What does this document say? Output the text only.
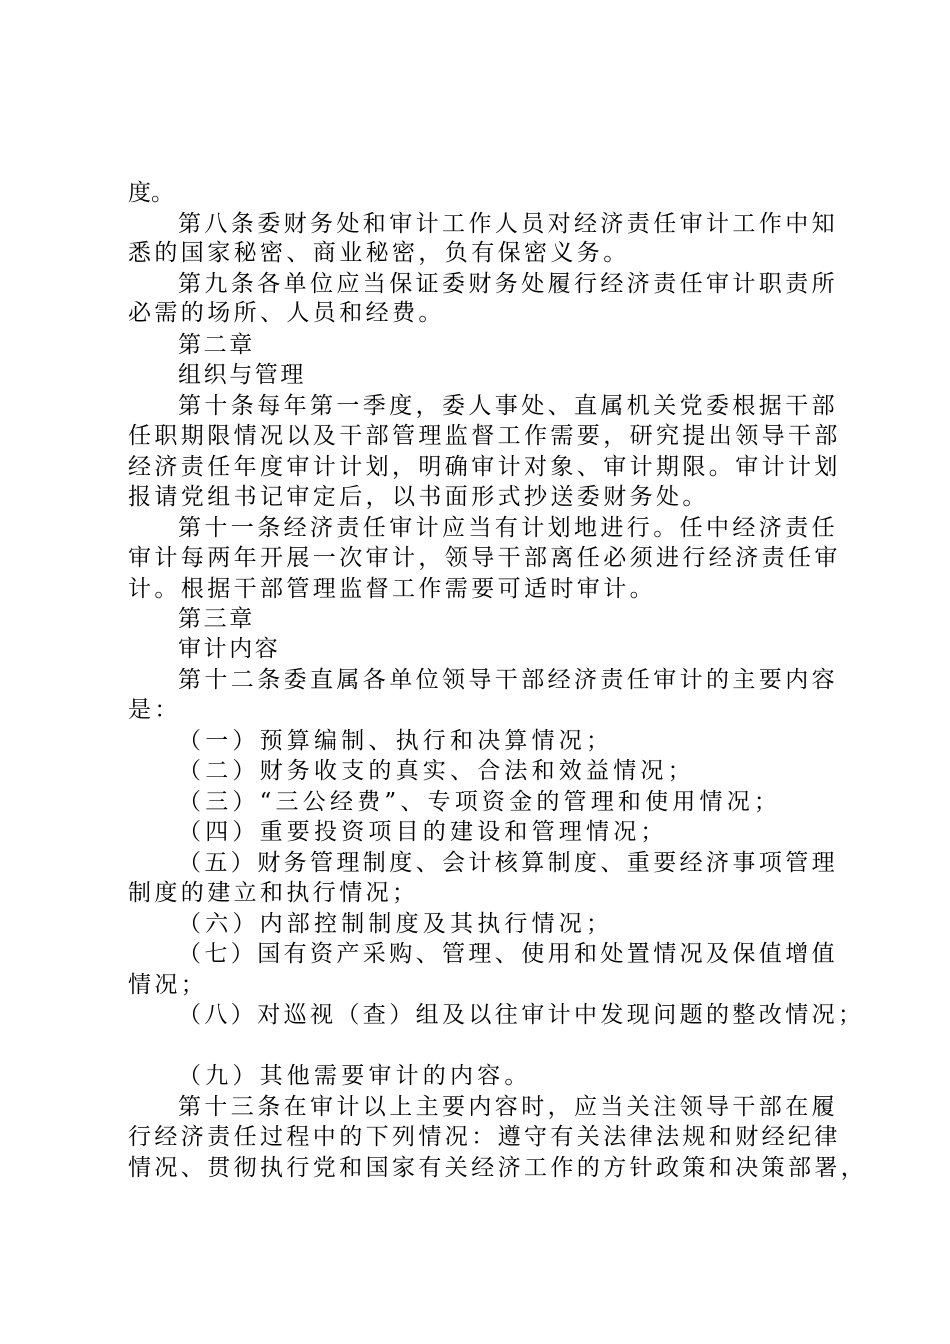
度。
第八条委财务处和审计工作人员对经济责任审计工作中知
悉的国家秘密、商业秘密，负有保密义务。
第九条各单位应当保证委财务处履行经济责任审计职责所
必需的场所、人员和经费。
第二章
组织与管理
第十条每年第一季度，委人事处、直属机关党委根据干部
任职期限情况以及干部管理监督工作需要，研究提出领导干部
经济责任年度审计计划，明确审计对象、审计期限。审计计划
报请党组书记审定后，以书面形式抄送委财务处。
第十一条经济责任审计应当有计划地进行。任中经济责任
审计每两年开展一次审计，领导干部离任必须进行经济责任审
计。根据干部管理监督工作需要可适时审计。
第三章
审计内容
第十二条委直属各单位领导干部经济责任审计的主要内容
是：
（一）预算编制、执行和决算情况；
（二）财务收支的真实、合法和效益情况；
（三）“三公经费”、专项资金的管理和使用情况；
（四）重要投资项目的建设和管理情况；
（五）财务管理制度、会计核算制度、重要经济事项管理
制度的建立和执行情况；
（六）内部控制制度及其执行情况；
（七）国有资产采购、管理、使用和处置情况及保值增值
情况；
（八）对巡视（查）组及以往审计中发现问题的整改情况；
（九）其他需要审计的内容。
第十三条在审计以上主要内容时，应当关注领导干部在履
行经济责任过程中的下列情况：遵守有关法律法规和财经纪律
情况、贯彻执行党和国家有关经济工作的方针政策和决策部署，
